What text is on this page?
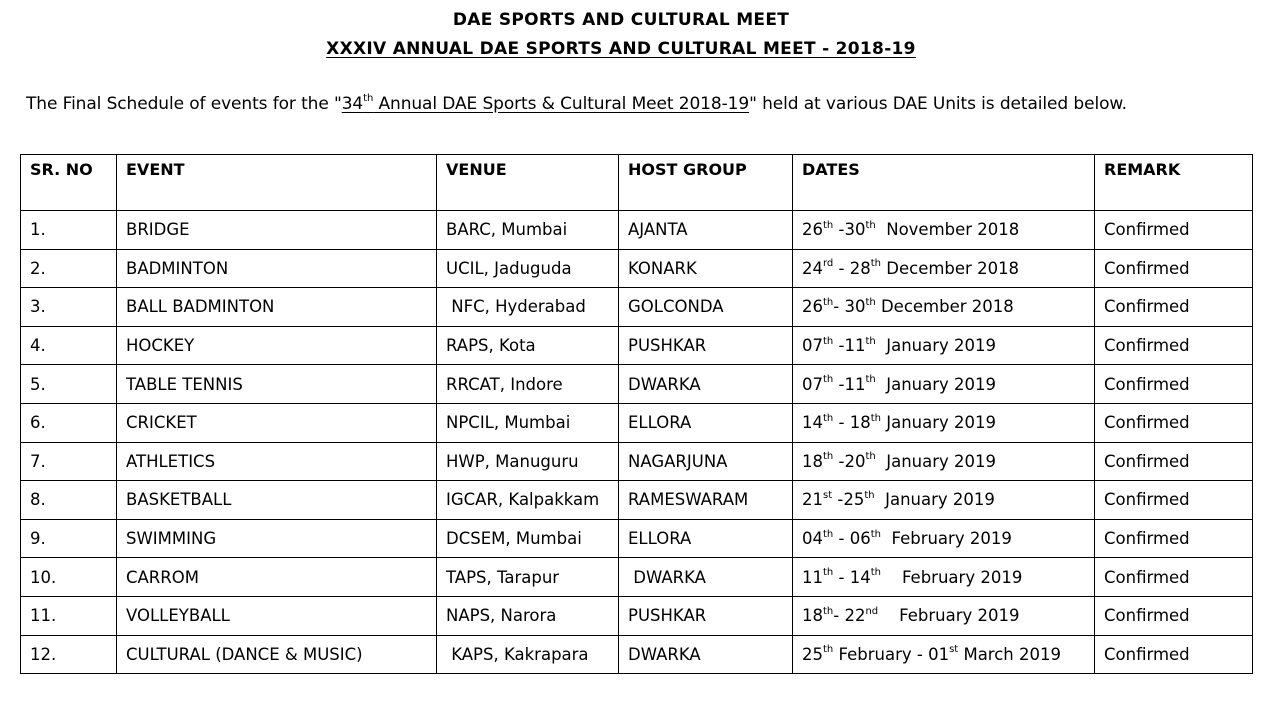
DAE SPORTS AND CULTURAL MEET
XXXIV ANNUAL DAE SPORTS AND CULTURAL MEET - 2018-19
The Final Schedule of events for the "34th Annual DAE Sports & Cultural Meet 2018-19" held at various DAE Units is detailed below.
SR. NO	EVENT	VENUE	HOST GROUP	DATES	REMARK
1.	BRIDGE	BARC, Mumbai	AJANTA	26th -30th  November 2018	Confirmed
2.	BADMINTON	UCIL, Jaduguda	KONARK	24rd - 28th December 2018	Confirmed
3.	BALL BADMINTON	NFC, Hyderabad	GOLCONDA	26th- 30th December 2018	Confirmed
4.	HOCKEY	RAPS, Kota	PUSHKAR	07th -11th  January 2019	Confirmed
5.	TABLE TENNIS	RRCAT, Indore	DWARKA	07th -11th  January 2019	Confirmed
6.	CRICKET	NPCIL, Mumbai	ELLORA	14th - 18th January 2019	Confirmed
7.	ATHLETICS	HWP, Manuguru	NAGARJUNA	18th -20th  January 2019	Confirmed
8.	BASKETBALL	IGCAR, Kalpakkam	RAMESWARAM	21st -25th  January 2019	Confirmed
9.	SWIMMING	DCSEM, Mumbai	ELLORA	04th - 06th  February 2019	Confirmed
10.	CARROM	TAPS, Tarapur	DWARKA	11th - 14th    February 2019	Confirmed
11.	VOLLEYBALL	NAPS, Narora	PUSHKAR	18th- 22nd    February 2019	Confirmed
12.	CULTURAL (DANCE & MUSIC)	KAPS, Kakrapara	DWARKA	25th February - 01st March 2019	Confirmed
